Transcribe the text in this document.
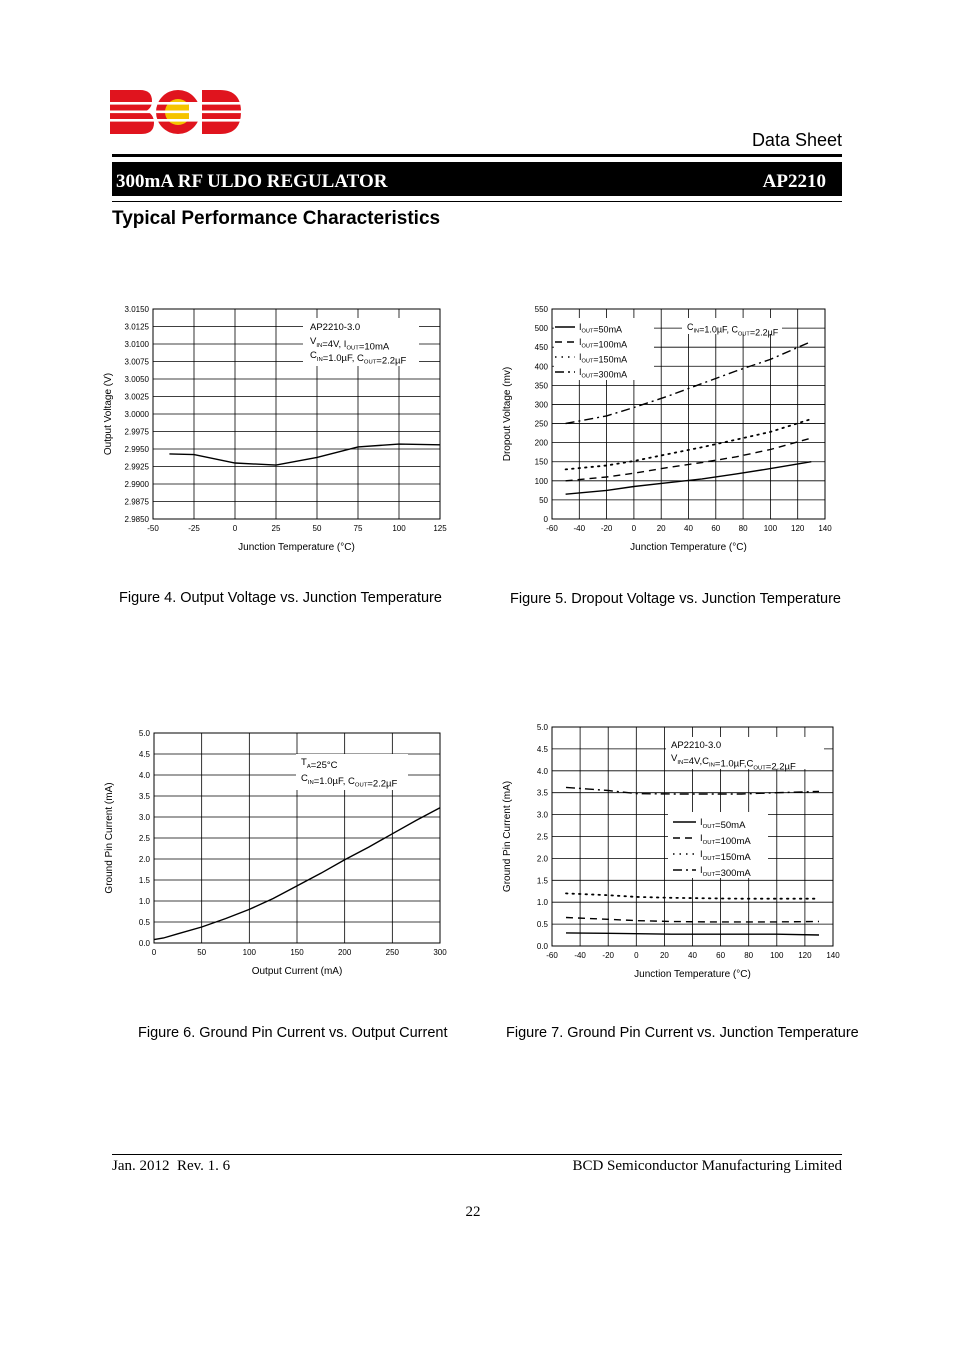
Data Sheet
300mA RF ULDO REGULATOR	AP2210
Typical Performance Characteristics
-50	-25	0	25	50	75	100	125
2.9850
2.9875
2.9900
2.9925
2.9950
2.9975
3.0000
3.0025
3.0050
3.0075
3.0100
3.0125
3.0150
Junction Temperature (°C)
Output Voltage (V)
AP2210-3.0
$V_{IN}=4V$, $I_{OUT}=10mA$
$C_{IN}=1.0\mu F$, $C_{OUT}=2.2\mu F$
-60 -40 -20 0	20 40 60 80 100 120 140
0
50
100
150
200
250
300
350
400
450
500
550
Junction Temperature (°C)
Dropout Voltage (mv)
$C_{IN}=1.0\mu F$, $C_{OUT}=2.2\mu F$
$I_{OUT}=50mA$
$I_{OUT}=100mA$
$I_{OUT}=150mA$
$I_{OUT}=300mA$
0	50	100	150	200	250	300
0.0
0.5
1.0
1.5
2.0
2.5
3.0
3.5
4.0
4.5
5.0
Output Current (mA)
Ground Pin Current (mA)
$T_A=25^\circ C$
$C_{IN}=1.0\mu F$, $C_{OUT}=2.2\mu F$
-60 -40 -20	0	20 40 60 80 100 120 140
0.0
0.5
1.0
1.5
2.0
2.5
3.0
3.5
4.0
4.5
5.0
Junction Temperature (°C)
Ground Pin Current (mA)
AP2210-3.0
$V_{IN}=4V,C_{IN}=1.0\mu F,C_{OUT}=2.2\mu F$
$I_{OUT}=50mA$
$I_{OUT}=100mA$
$I_{OUT}=150mA$
$I_{OUT}=300mA$
Figure 4. Output Voltage vs. Junction Temperature	Figure 5. Dropout Voltage vs. Junction Temperature
Figure 6. Ground Pin Current vs. Output Current	Figure 7. Ground Pin Current vs. Junction Temperature
Jan. 2012  Rev. 1. 6	BCD Semiconductor Manufacturing Limited
22
